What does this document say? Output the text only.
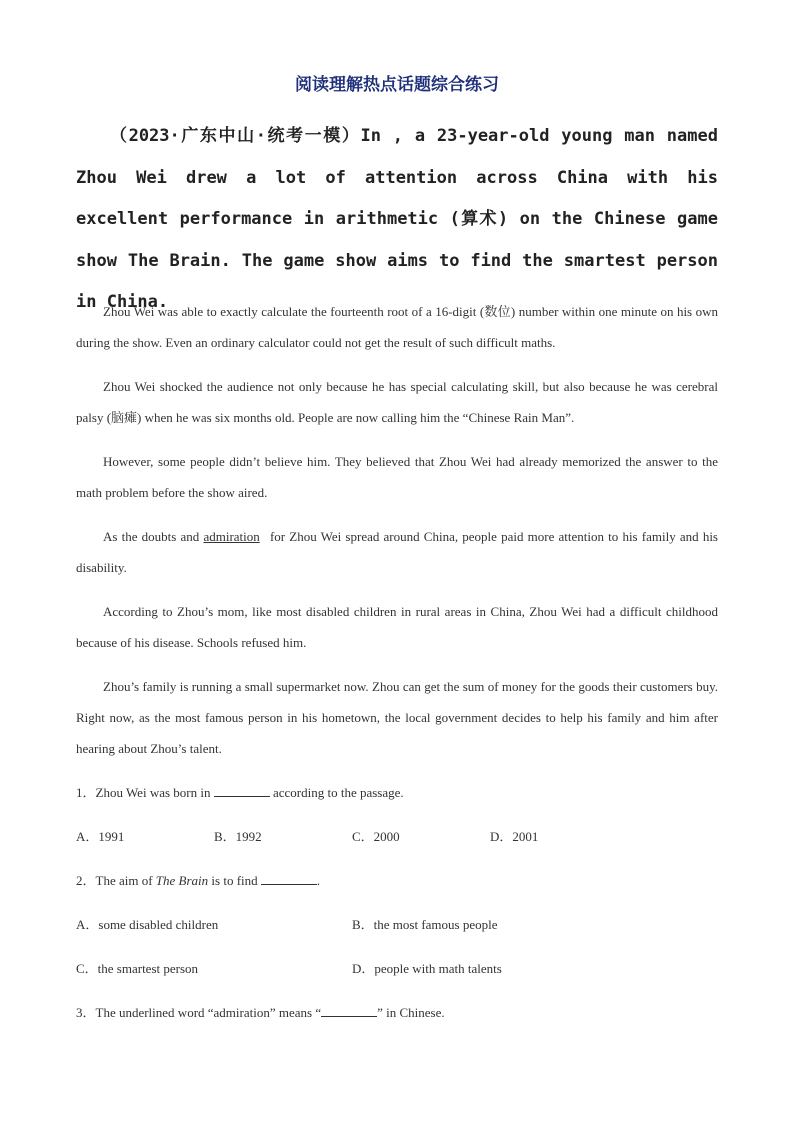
阅读理解热点话题综合练习
（2023·广东中山·统考一模）In , a 23-year-old young man named Zhou Wei drew a lot of attention across China with his excellent performance in arithmetic (算术) on the Chinese game show The Brain. The game show aims to find the smartest person in China.

Zhou Wei was able to exactly calculate the fourteenth root of a 16-digit (数位) number within one minute on his own during the show. Even an ordinary calculator could not get the result of such difficult maths.

Zhou Wei shocked the audience not only because he has special calculating skill, but also because he was cerebral palsy (脑瘫) when he was six months old. People are now calling him the “Chinese Rain Man”.

However, some people didn’t believe him. They believed that Zhou Wei had already memorized the answer to the math problem before the show aired.

As the doubts and admiration for Zhou Wei spread around China, people paid more attention to his family and his disability.

According to Zhou’s mom, like most disabled children in rural areas in China, Zhou Wei had a difficult childhood because of his disease. Schools refused him.

Zhou’s family is running a small supermarket now. Zhou can get the sum of money for the goods their customers buy. Right now, as the most famous person in his hometown, the local government decides to help his family and him after hearing about Zhou’s talent.

1．Zhou Wei was born in	according to the passage.
A．1991	B．1992	C．2000	D．2001
2．The aim of The Brain is to find	.
A．some disabled children	B．the most famous people
C．the smartest person	D．people with math talents
3．The underlined word “admiration” means “	” in Chinese.
